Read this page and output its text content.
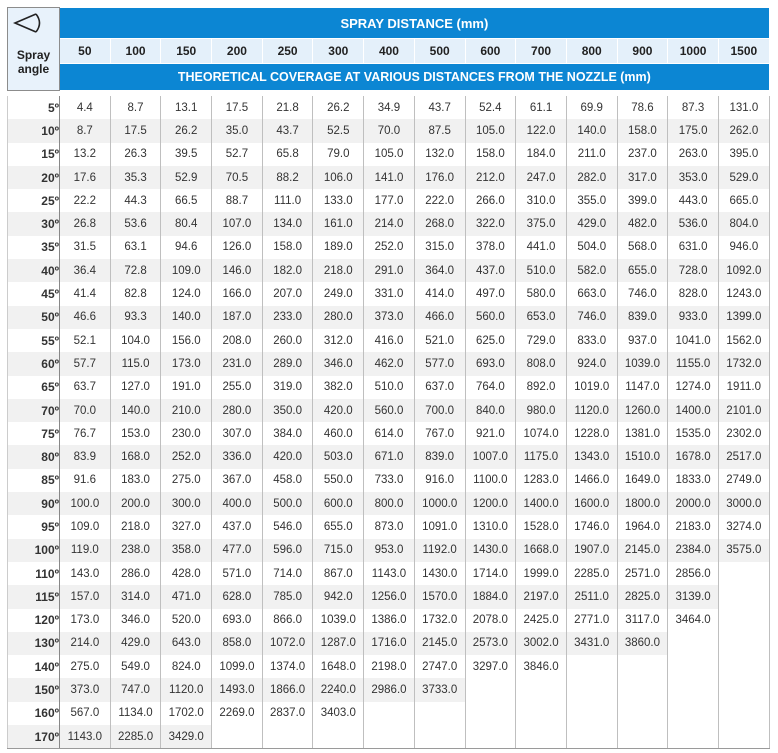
Spray
angle	SPRAY DISTANCE (mm)													
	50	100	150	200	250	300	400	500	600	700	800	900	1000	1500
	THEORETICAL COVERAGE AT VARIOUS DISTANCES FROM THE NOZZLE (mm)													

5º	4.4	8.7	13.1	17.5	21.8	26.2	34.9	43.7	52.4	61.1	69.9	78.6	87.3	131.0
10º	8.7	17.5	26.2	35.0	43.7	52.5	70.0	87.5	105.0	122.0	140.0	158.0	175.0	262.0
15º	13.2	26.3	39.5	52.7	65.8	79.0	105.0	132.0	158.0	184.0	211.0	237.0	263.0	395.0
20º	17.6	35.3	52.9	70.5	88.2	106.0	141.0	176.0	212.0	247.0	282.0	317.0	353.0	529.0
25º	22.2	44.3	66.5	88.7	111.0	133.0	177.0	222.0	266.0	310.0	355.0	399.0	443.0	665.0
30º	26.8	53.6	80.4	107.0	134.0	161.0	214.0	268.0	322.0	375.0	429.0	482.0	536.0	804.0
35º	31.5	63.1	94.6	126.0	158.0	189.0	252.0	315.0	378.0	441.0	504.0	568.0	631.0	946.0
40º	36.4	72.8	109.0	146.0	182.0	218.0	291.0	364.0	437.0	510.0	582.0	655.0	728.0	1092.0
45º	41.4	82.8	124.0	166.0	207.0	249.0	331.0	414.0	497.0	580.0	663.0	746.0	828.0	1243.0
50º	46.6	93.3	140.0	187.0	233.0	280.0	373.0	466.0	560.0	653.0	746.0	839.0	933.0	1399.0
55º	52.1	104.0	156.0	208.0	260.0	312.0	416.0	521.0	625.0	729.0	833.0	937.0	1041.0	1562.0
60º	57.7	115.0	173.0	231.0	289.0	346.0	462.0	577.0	693.0	808.0	924.0	1039.0	1155.0	1732.0
65º	63.7	127.0	191.0	255.0	319.0	382.0	510.0	637.0	764.0	892.0	1019.0	1147.0	1274.0	1911.0
70º	70.0	140.0	210.0	280.0	350.0	420.0	560.0	700.0	840.0	980.0	1120.0	1260.0	1400.0	2101.0
75º	76.7	153.0	230.0	307.0	384.0	460.0	614.0	767.0	921.0	1074.0	1228.0	1381.0	1535.0	2302.0
80º	83.9	168.0	252.0	336.0	420.0	503.0	671.0	839.0	1007.0	1175.0	1343.0	1510.0	1678.0	2517.0
85º	91.6	183.0	275.0	367.0	458.0	550.0	733.0	916.0	1100.0	1283.0	1466.0	1649.0	1833.0	2749.0
90º	100.0	200.0	300.0	400.0	500.0	600.0	800.0	1000.0	1200.0	1400.0	1600.0	1800.0	2000.0	3000.0
95º	109.0	218.0	327.0	437.0	546.0	655.0	873.0	1091.0	1310.0	1528.0	1746.0	1964.0	2183.0	3274.0
100º	119.0	238.0	358.0	477.0	596.0	715.0	953.0	1192.0	1430.0	1668.0	1907.0	2145.0	2384.0	3575.0
110º	143.0	286.0	428.0	571.0	714.0	867.0	1143.0	1430.0	1714.0	1999.0	2285.0	2571.0	2856.0	
115º	157.0	314.0	471.0	628.0	785.0	942.0	1256.0	1570.0	1884.0	2197.0	2511.0	2825.0	3139.0	
120º	173.0	346.0	520.0	693.0	866.0	1039.0	1386.0	1732.0	2078.0	2425.0	2771.0	3117.0	3464.0	
130º	214.0	429.0	643.0	858.0	1072.0	1287.0	1716.0	2145.0	2573.0	3002.0	3431.0	3860.0		
140º	275.0	549.0	824.0	1099.0	1374.0	1648.0	2198.0	2747.0	3297.0	3846.0				
150º	373.0	747.0	1120.0	1493.0	1866.0	2240.0	2986.0	3733.0						
160º	567.0	1134.0	1702.0	2269.0	2837.0	3403.0								
170º	1143.0	2285.0	3429.0											
